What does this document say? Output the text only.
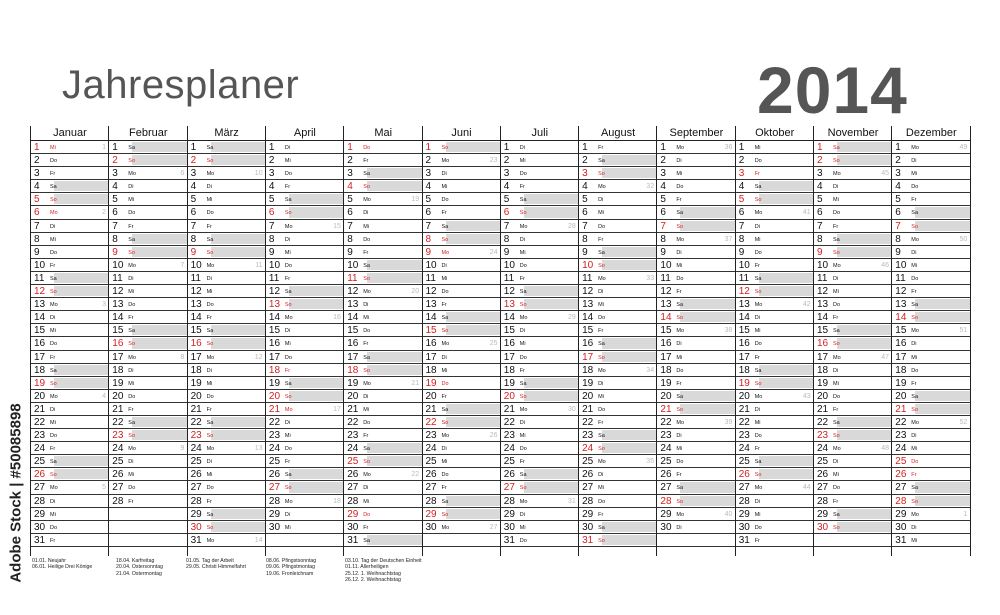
Jahresplaner	2014
Januar
1 Mi	1
2 Do
3 Fr
4 Sa
5 So
6 Mo	2
7 Di
8 Mi
9 Do
10 Fr
11 Sa
12 So
13 Mo	3
14 Di
15 Mi
16 Do
17 Fr
18 Sa
19 So
20 Mo	4
21 Di
22 Mi
23 Do
24 Fr
25 Sa
26 So
27 Mo	5
28 Di
29 Mi
30 Do
31 Fr
Februar
1 Sa
2 So
3 Mo	6
4 Di
5 Mi
6 Do
7 Fr
8 Sa
9 So
10 Mo	7
11 Di
12 Mi
13 Do
14 Fr
15 Sa
16 So
17 Mo	8
18 Di
19 Mi
20 Do
21 Fr
22 Sa
23 So
24 Mo	9
25 Di
26 Mi
27 Do
28 Fr
März
1 Sa
2 So
3 Mo	10
4 Di
5 Mi
6 Do
7 Fr
8 Sa
9 So
10 Mo	11
11 Di
12 Mi
13 Do
14 Fr
15 Sa
16 So
17 Mo	12
18 Di
19 Mi
20 Do
21 Fr
22 Sa
23 So
24 Mo	13
25 Di
26 Mi
27 Do
28 Fr
29 Sa
30 So
31 Mo	14
April
1 Di
2 Mi
3 Do
4 Fr
5 Sa
6 So
7 Mo	15
8 Di
9 Mi
10 Do
11 Fr
12 Sa
13 So
14 Mo	16
15 Di
16 Mi
17 Do
18 Fr
19 Sa
20 So
21 Mo	17
22 Di
23 Mi
24 Do
25 Fr
26 Sa
27 So
28 Mo	18
29 Di
30 Mi
Mai
1 Do
2 Fr
3 Sa
4 So
5 Mo	19
6 Di
7 Mi
8 Do
9 Fr
10 Sa
11 So
12 Mo	20
13 Di
14 Mi
15 Do
16 Fr
17 Sa
18 So
19 Mo	21
20 Di
21 Mi
22 Do
23 Fr
24 Sa
25 So
26 Mo	22
27 Di
28 Mi
29 Do
30 Fr
31 Sa
Juni
1 So
2 Mo	23
3 Di
4 Mi
5 Do
6 Fr
7 Sa
8 So
9 Mo	24
10 Di
11 Mi
12 Do
13 Fr
14 Sa
15 So
16 Mo	25
17 Di
18 Mi
19 Do
20 Fr
21 Sa
22 So
23 Mo	26
24 Di
25 Mi
26 Do
27 Fr
28 Sa
29 So
30 Mo	27
Juli
1 Di
2 Mi
3 Do
4 Fr
5 Sa
6 So
7 Mo	28
8 Di
9 Mi
10 Do
11 Fr
12 Sa
13 So
14 Mo	29
15 Di
16 Mi
17 Do
18 Fr
19 Sa
20 So
21 Mo	30
22 Di
23 Mi
24 Do
25 Fr
26 Sa
27 So
28 Mo	31
29 Di
30 Mi
31 Do
August
1 Fr
2 Sa
3 So
4 Mo	32
5 Di
6 Mi
7 Do
8 Fr
9 Sa
10 So
11 Mo	33
12 Di
13 Mi
14 Do
15 Fr
16 Sa
17 So
18 Mo	34
19 Di
20 Mi
21 Do
22 Fr
23 Sa
24 So
25 Mo	35
26 Di
27 Mi
28 Do
29 Fr
30 Sa
31 So
September
1 Mo	36
2 Di
3 Mi
4 Do
5 Fr
6 Sa
7 So
8 Mo	37
9 Di
10 Mi
11 Do
12 Fr
13 Sa
14 So
15 Mo	38
16 Di
17 Mi
18 Do
19 Fr
20 Sa
21 So
22 Mo	39
23 Di
24 Mi
25 Do
26 Fr
27 Sa
28 So
29 Mo	40
30 Di
Oktober
1 Mi
2 Do
3 Fr
4 Sa
5 So
6 Mo	41
7 Di
8 Mi
9 Do
10 Fr
11 Sa
12 So
13 Mo	42
14 Di
15 Mi
16 Do
17 Fr
18 Sa
19 So
20 Mo	43
21 Di
22 Mi
23 Do
24 Fr
25 Sa
26 So
27 Mo	44
28 Di
29 Mi
30 Do
31 Fr
November
1 Sa
2 So
3 Mo	45
4 Di
5 Mi
6 Do
7 Fr
8 Sa
9 So
10 Mo	46
11 Di
12 Mi
13 Do
14 Fr
15 Sa
16 So
17 Mo	47
18 Di
19 Mi
20 Do
21 Fr
22 Sa
23 So
24 Mo	48
25 Di
26 Mi
27 Do
28 Fr
29 Sa
30 So
Dezember
1 Mo	49
2 Di
3 Mi
4 Do
5 Fr
6 Sa
7 So
8 Mo	50
9 Di
10 Mi
11 Do
12 Fr
13 Sa
14 So
15 Mo	51
16 Di
17 Mi
18 Do
19 Fr
20 Sa
21 So
22 Mo	52
23 Di
24 Mi
25 Do
26 Fr
27 Sa
28 So
29 Mo	1
30 Di
31 Mi
01.01. Neujahr
06.01. Heilige Drei Könige
18.04. Karfreitag
20.04. Ostersonntag
21.04. Ostermontag
01.05. Tag der Arbeit
29.05. Christi Himmelfahrt
08.06. Pfingstsonntag
09.06. Pfingstmontag
19.06. Fronleichnam
03.10. Tag der Deutschen Einheit
01.11. Allerheiligen
25.12. 1. Weihnachtstag
26.12. 2. Weihnachtstag
Adobe Stock | #50085898
